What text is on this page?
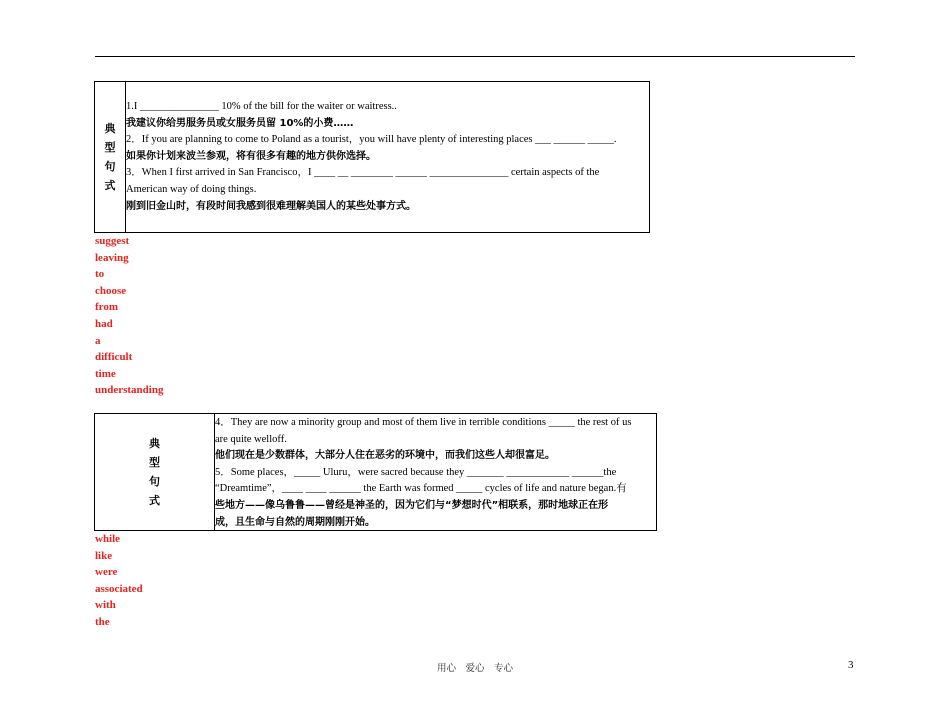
典
型
句
式
1.I _______________ 10% of the bill for the waiter or waitress..
我建议你给男服务员或女服务员留 10%的小费……
2．If you are planning to come to Poland as a tourist，you will have plenty of interesting places ___ ______ _____.
如果你计划来波兰参观，将有很多有趣的地方供你选择。
3．When I first arrived in San Francisco，I ____ __ ________ ______ _______________ certain aspects of the
American way of doing things.
刚到旧金山时，有段时间我感到很难理解美国人的某些处事方式。
suggest
leaving
to
choose
from
had
a
difficult
time
understanding
典
型
句
式
4．They are now a minority group and most of them live in terrible conditions _____ the rest of us
are quite welloff.
他们现在是少数群体，大部分人住在恶劣的环境中，而我们这些人却很富足。
5．Some places，_____ Uluru，were sacred because they _______ ____________ ______the
“Dreamtime”，____ ____ ______ the Earth was formed _____ cycles of life and nature began.有
些地方——像乌鲁鲁——曾经是神圣的，因为它们与“梦想时代”相联系，那时地球正在形
成，且生命与自然的周期刚刚开始。
while
like
were
associated
with
the
用心　爱心　专心	3
